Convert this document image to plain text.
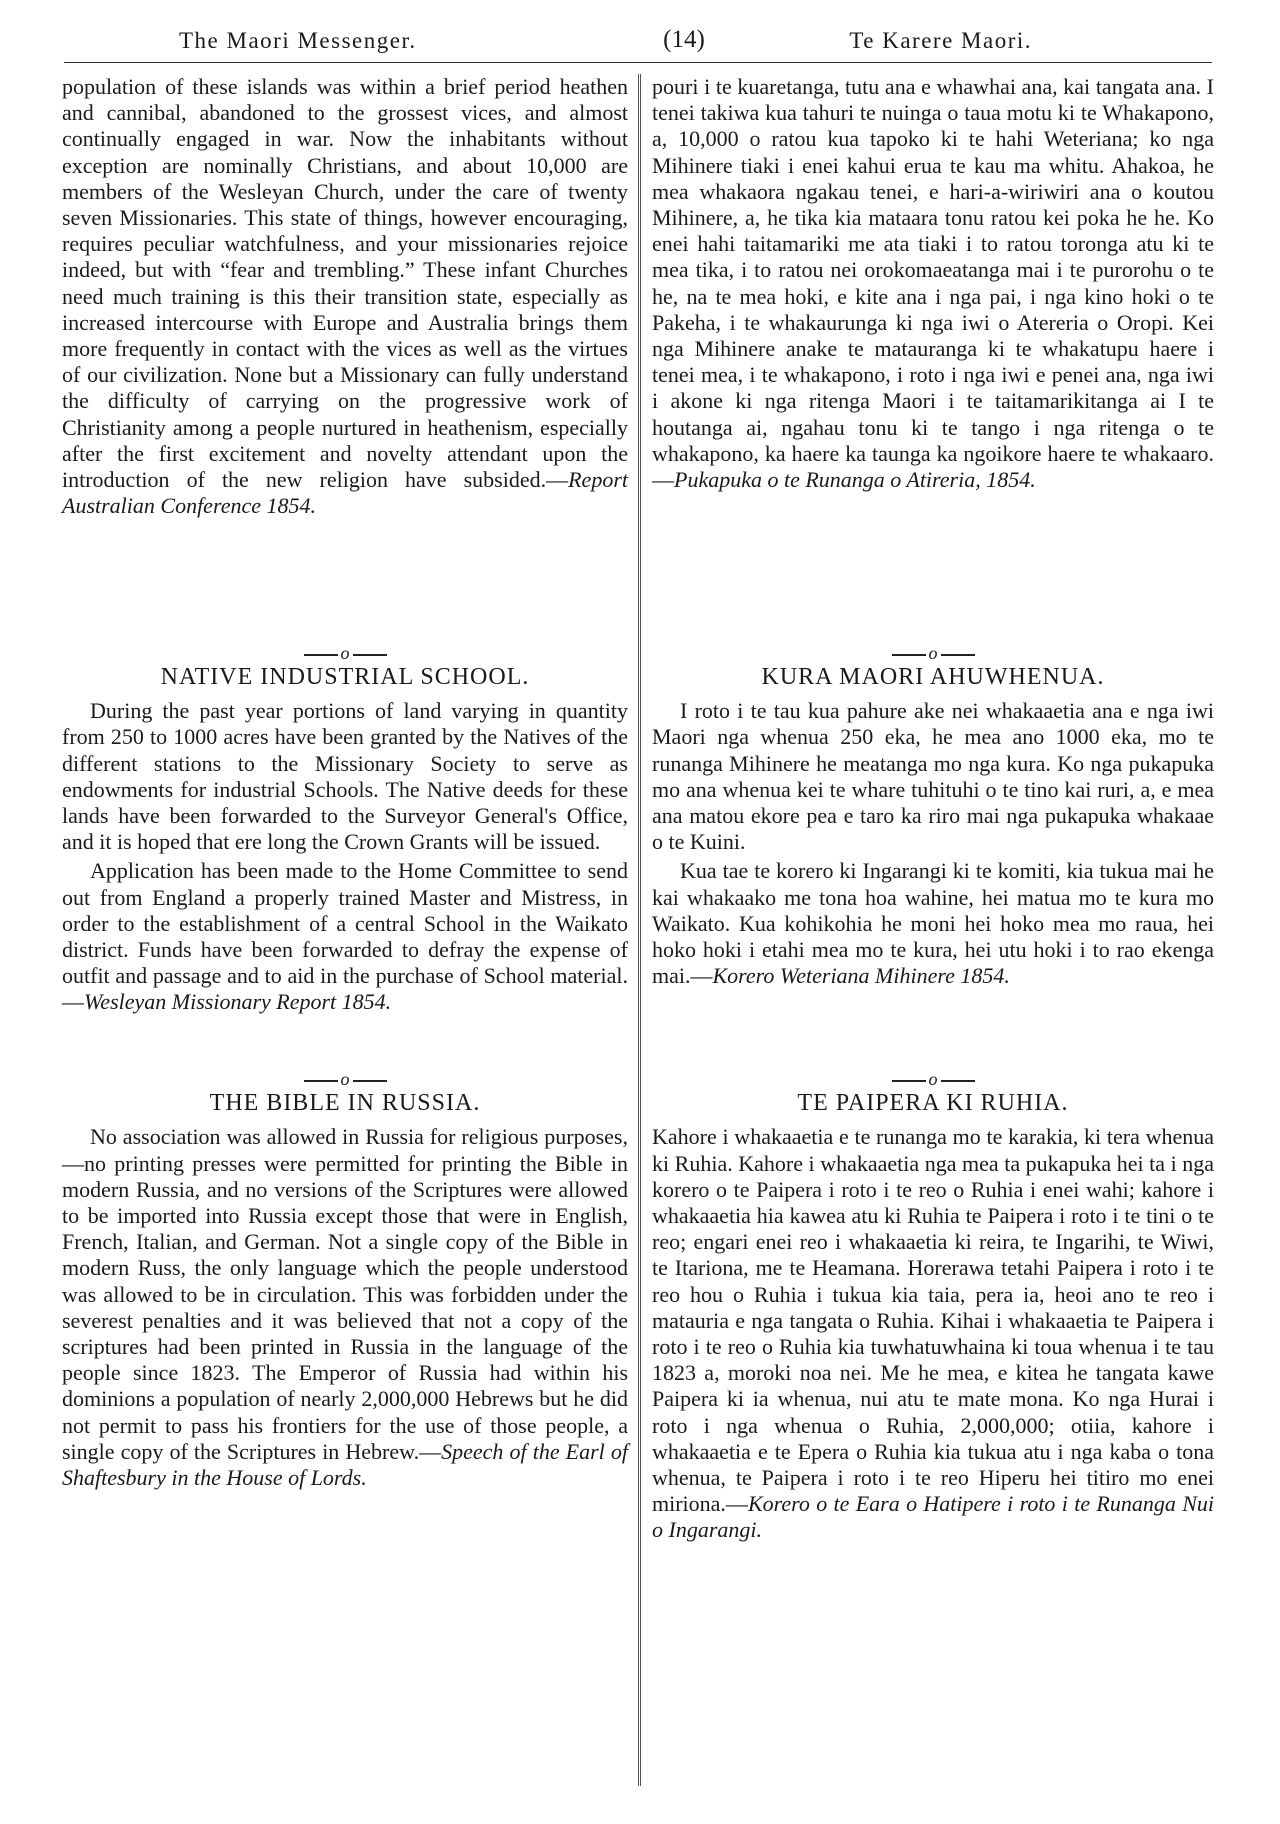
The Maori Messenger.	(14)	Te Karere Maori.

population of these islands was within a brief period heathen and cannibal, abandoned to the grossest vices, and almost continually engaged in war. Now the inhabitants without exception are nominally Christians, and about 10,000 are members of the Wesleyan Church, under the care of twenty seven Missionaries. This state of things, however encouraging, requires peculiar watchfulness, and your missionaries rejoice indeed, but with “fear and trembling.” These infant Churches need much training is this their transition state, especially as increased intercourse with Europe and Australia brings them more frequently in contact with the vices as well as the virtues of our civilization. None but a Missionary can fully understand the difficulty of carrying on the progressive work of Christianity among a people nurtured in heathenism, especially after the first excitement and novelty attendant upon the introduction of the new religion have subsided.—Report Australian Conference 1854.

o
NATIVE INDUSTRIAL SCHOOL.

During the past year portions of land varying in quantity from 250 to 1000 acres have been granted by the Natives of the different stations to the Missionary Society to serve as endowments for industrial Schools. The Native deeds for these lands have been forwarded to the Surveyor General's Office, and it is hoped that ere long the Crown Grants will be issued.

Application has been made to the Home Committee to send out from England a properly trained Master and Mistress, in order to the establishment of a central School in the Waikato district. Funds have been forwarded to defray the expense of outfit and passage and to aid in the purchase of School material.—Wesleyan Missionary Report 1854.

o
THE BIBLE IN RUSSIA.

No association was allowed in Russia for religious purposes,—no printing presses were permitted for printing the Bible in modern Russia, and no versions of the Scriptures were allowed to be imported into Russia except those that were in English, French, Italian, and German. Not a single copy of the Bible in modern Russ, the only language which the people understood was allowed to be in circulation. This was forbidden under the severest penalties and it was believed that not a copy of the scriptures had been printed in Russia in the language of the people since 1823. The Emperor of Russia had within his dominions a population of nearly 2,000,000 Hebrews but he did not permit to pass his frontiers for the use of those people, a single copy of the Scriptures in Hebrew.—Speech of the Earl of Shaftesbury in the House of Lords.

pouri i te kuaretanga, tutu ana e whawhai ana, kai tangata ana. I tenei takiwa kua tahuri te nuinga o taua motu ki te Whakapono, a, 10,000 o ratou kua tapoko ki te hahi Weteriana; ko nga Mihinere tiaki i enei kahui erua te kau ma whitu. Ahakoa, he mea whakaora ngakau tenei, e hari-a-wiriwiri ana o koutou Mihinere, a, he tika kia mataara tonu ratou kei poka he he. Ko enei hahi taitamariki me ata tiaki i to ratou toronga atu ki te mea tika, i to ratou nei orokomaeatanga mai i te purorohu o te he, na te mea hoki, e kite ana i nga pai, i nga kino hoki o te Pakeha, i te whakaurunga ki nga iwi o Atereria o Oropi. Kei nga Mihinere anake te matauranga ki te whakatupu haere i tenei mea, i te whakapono, i roto i nga iwi e penei ana, nga iwi i akone ki nga ritenga Maori i te taitamarikitanga ai I te houtanga ai, ngahau tonu ki te tango i nga ritenga o te whakapono, ka haere ka taunga ka ngoikore haere te whakaaro.—Pukapuka o te Runanga o Atireria, 1854.

o
KURA MAORI AHUWHENUA.

I roto i te tau kua pahure ake nei whakaaetia ana e nga iwi Maori nga whenua 250 eka, he mea ano 1000 eka, mo te runanga Mihinere he meatanga mo nga kura. Ko nga pukapuka mo ana whenua kei te whare tuhituhi o te tino kai ruri, a, e mea ana matou ekore pea e taro ka riro mai nga pukapuka whakaae o te Kuini.

Kua tae te korero ki Ingarangi ki te komiti, kia tukua mai he kai whakaako me tona hoa wahine, hei matua mo te kura mo Waikato. Kua kohikohia he moni hei hoko mea mo raua, hei hoko hoki i etahi mea mo te kura, hei utu hoki i to rao ekenga mai.—Korero Weteriana Mihinere 1854.

o
TE PAIPERA KI RUHIA.

Kahore i whakaaetia e te runanga mo te karakia, ki tera whenua ki Ruhia. Kahore i whakaaetia nga mea ta pukapuka hei ta i nga korero o te Paipera i roto i te reo o Ruhia i enei wahi; kahore i whakaaetia hia kawea atu ki Ruhia te Paipera i roto i te tini o te reo; engari enei reo i whakaaetia ki reira, te Ingarihi, te Wiwi, te Itariona, me te Heamana. Horerawa tetahi Paipera i roto i te reo hou o Ruhia i tukua kia taia, pera ia, heoi ano te reo i matauria e nga tangata o Ruhia. Kihai i whakaaetia te Paipera i roto i te reo o Ruhia kia tuwhatuwhaina ki toua whenua i te tau 1823 a, moroki noa nei. Me he mea, e kitea he tangata kawe Paipera ki ia whenua, nui atu te mate mona. Ko nga Hurai i roto i nga whenua o Ruhia, 2,000,000; otiia, kahore i whakaaetia e te Epera o Ruhia kia tukua atu i nga kaba o tona whenua, te Paipera i roto i te reo Hiperu hei titiro mo enei miriona.—Korero o te Eara o Hatipere i roto i te Runanga Nui o Ingarangi.
